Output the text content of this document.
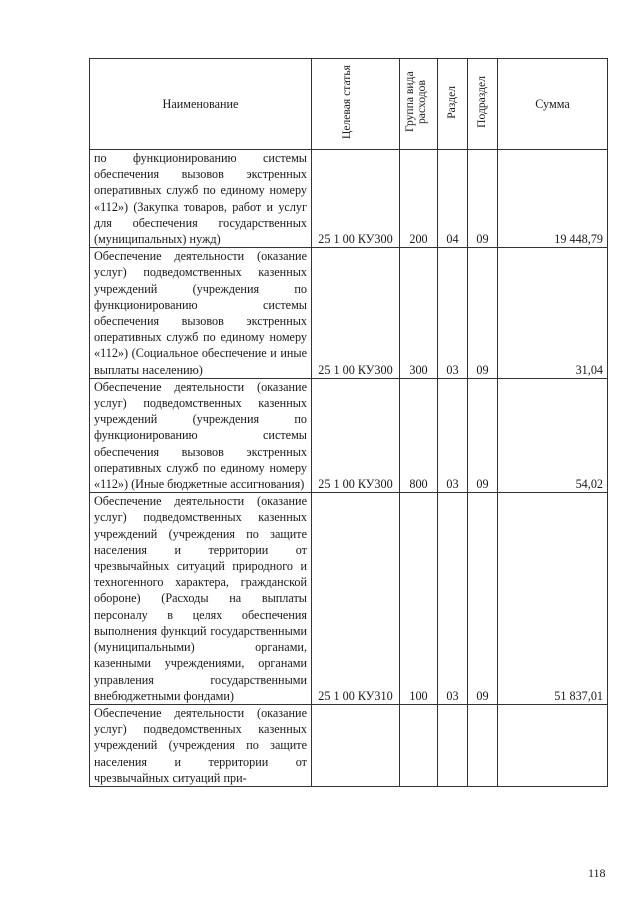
Наименование	Целевая статья	Группа вида расходов	Раздел	Подраздел	Сумма
по функционированию системы обеспечения вызовов экстренных оперативных служб по единому номеру «112») (Закупка товаров, работ и услуг для обеспечения государственных (муниципальных) нужд)	25 1 00 КУ300	200	04	09	19 448,79
Обеспечение деятельности (оказание услуг) подведомственных казенных учреждений (учреждения по функционированию системы обеспечения вызовов экстренных оперативных служб по единому номеру «112») (Социальное обеспечение и иные выплаты населению)	25 1 00 КУ300	300	03	09	31,04
Обеспечение деятельности (оказание услуг) подведомственных казенных учреждений (учреждения по функционированию системы обеспечения вызовов экстренных оперативных служб по единому номеру «112») (Иные бюджетные ассигнования)	25 1 00 КУ300	800	03	09	54,02
Обеспечение деятельности (оказание услуг) подведомственных казенных учреждений (учреждения по защите населения и территории от чрезвычайных ситуаций природного и техногенного характера, гражданской обороне) (Расходы на выплаты персоналу в целях обеспечения выполнения функций государственными (муниципальными) органами, казенными учреждениями, органами управления государственными внебюджетными фондами)	25 1 00 КУ310	100	03	09	51 837,01
Обеспечение деятельности (оказание услуг) подведомственных казенных учреждений (учреждения по защите населения и территории от чрезвычайных ситуаций при-					
118
